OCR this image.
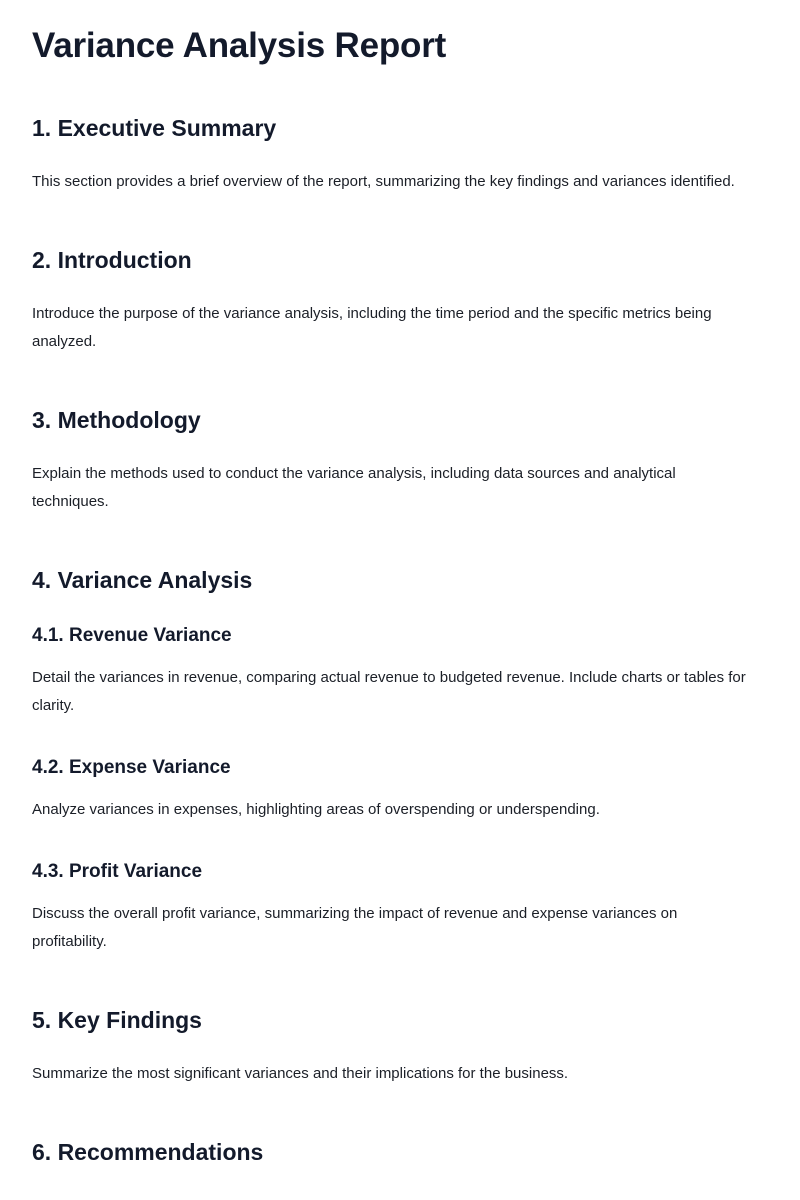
Variance Analysis Report
1. Executive Summary

This section provides a brief overview of the report, summarizing the key findings and variances identified.

2. Introduction

Introduce the purpose of the variance analysis, including the time period and the specific metrics being analyzed.

3. Methodology

Explain the methods used to conduct the variance analysis, including data sources and analytical techniques.

4. Variance Analysis
4.1. Revenue Variance

Detail the variances in revenue, comparing actual revenue to budgeted revenue. Include charts or tables for clarity.

4.2. Expense Variance

Analyze variances in expenses, highlighting areas of overspending or underspending.

4.3. Profit Variance

Discuss the overall profit variance, summarizing the impact of revenue and expense variances on profitability.

5. Key Findings

Summarize the most significant variances and their implications for the business.

6. Recommendations
